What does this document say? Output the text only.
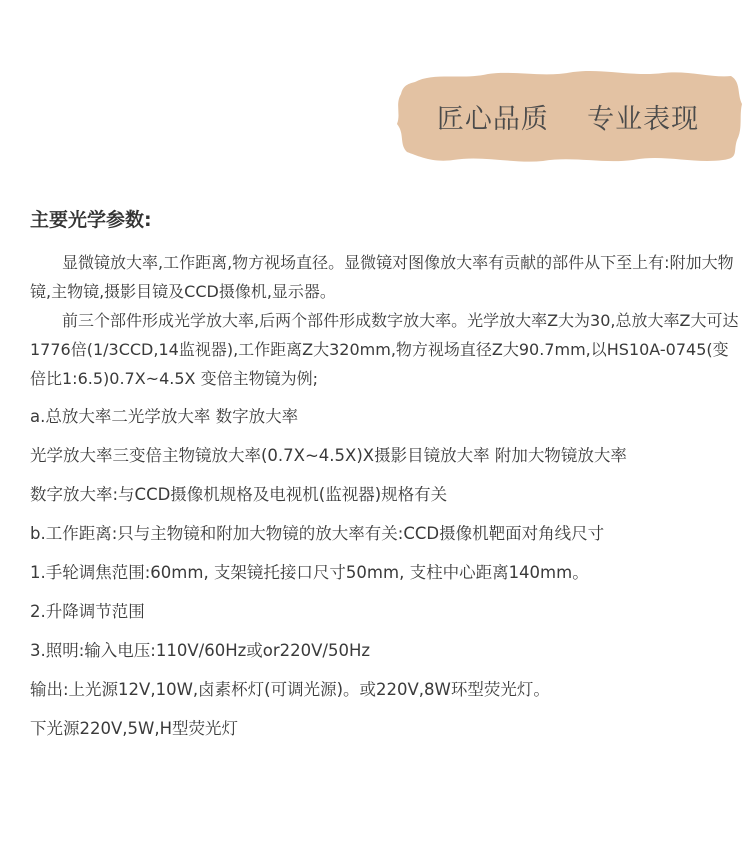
匠心品质    专业表现
主要光学参数:

显微镜放大率,工作距离,物方视场直径。显微镜对图像放大率有贡献的部件从下至上有:附加大物镜,主物镜,摄影目镜及CCD摄像机,显示器。

前三个部件形成光学放大率,后两个部件形成数字放大率。光学放大率Z大为30,总放大率Z大可达1776倍(1/3CCD,14监视器),工作距离Z大320mm,物方视场直径Z大90.7mm,以HS10A-0745(变倍比1:6.5)0.7X~4.5X 变倍主物镜为例;

a.总放大率二光学放大率 数字放大率
光学放大率三变倍主物镜放大率(0.7X~4.5X)X摄影目镜放大率 附加大物镜放大率
数字放大率:与CCD摄像机规格及电视机(监视器)规格有关
b.工作距离:只与主物镜和附加大物镜的放大率有关:CCD摄像机靶面对角线尺寸
1.手轮调焦范围:60mm, 支架镜托接口尺寸50mm, 支柱中心距离140mm。
2.升降调节范围
3.照明:输入电压:110V/60Hz或or220V/50Hz
输出:上光源12V,10W,卤素杯灯(可调光源)。或220V,8W环型荧光灯。
下光源220V,5W,H型荧光灯
